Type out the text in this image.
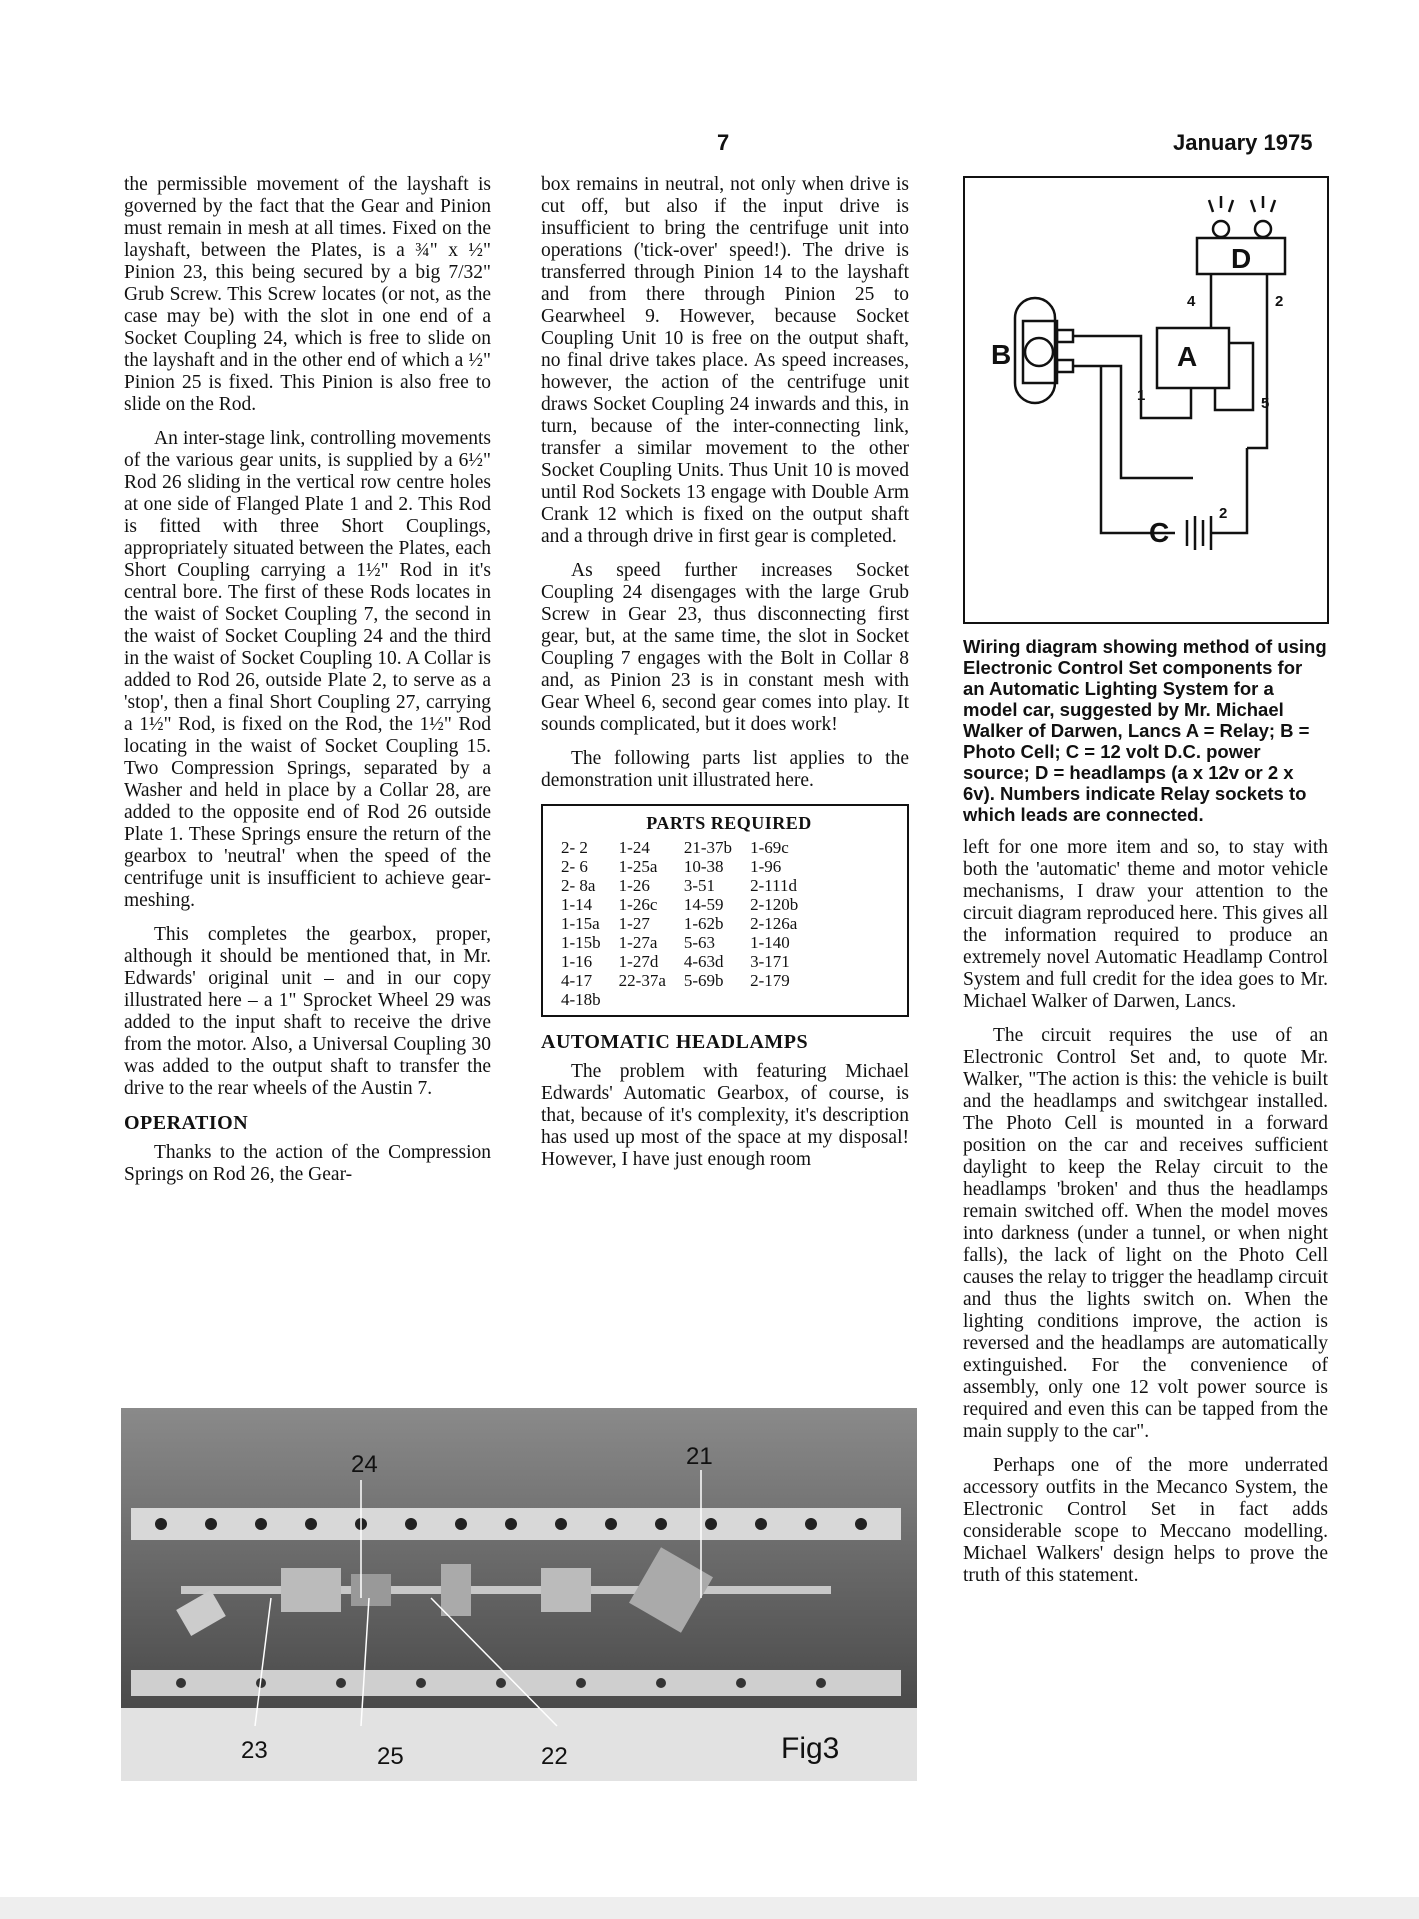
7	January 1975

the permissible movement of the layshaft is governed by the fact that the Gear and Pinion must remain in mesh at all times. Fixed on the layshaft, between the Plates, is a ¾" x ½" Pinion 23, this being secured by a big 7/32" Grub Screw. This Screw locates (or not, as the case may be) with the slot in one end of a Socket Coupling 24, which is free to slide on the layshaft and in the other end of which a ½" Pinion 25 is fixed. This Pinion is also free to slide on the Rod.

An inter-stage link, controlling movements of the various gear units, is supplied by a 6½" Rod 26 sliding in the vertical row centre holes at one side of Flanged Plate 1 and 2. This Rod is fitted with three Short Couplings, appropriately situated between the Plates, each Short Coupling carrying a 1½" Rod in it's central bore. The first of these Rods locates in the waist of Socket Coupling 7, the second in the waist of Socket Coupling 24 and the third in the waist of Socket Coupling 10. A Collar is added to Rod 26, outside Plate 2, to serve as a 'stop', then a final Short Coupling 27, carrying a 1½" Rod, is fixed on the Rod, the 1½" Rod locating in the waist of Socket Coupling 15. Two Compression Springs, separated by a Washer and held in place by a Collar 28, are added to the opposite end of Rod 26 outside Plate 1. These Springs ensure the return of the gearbox to 'neutral' when the speed of the centrifuge unit is insufficient to achieve gear-meshing.

This completes the gearbox, proper, although it should be mentioned that, in Mr. Edwards' original unit – and in our copy illustrated here – a 1" Sprocket Wheel 29 was added to the input shaft to receive the drive from the motor. Also, a Universal Coupling 30 was added to the output shaft to transfer the drive to the rear wheels of the Austin 7.

OPERATION

Thanks to the action of the Compression Springs on Rod 26, the Gear-

box remains in neutral, not only when drive is cut off, but also if the input drive is insufficient to bring the centrifuge unit into operations ('tick-over' speed!). The drive is transferred through Pinion 14 to the layshaft and from there through Pinion 25 to Gearwheel 9. However, because Socket Coupling Unit 10 is free on the output shaft, no final drive takes place. As speed increases, however, the action of the centrifuge unit draws Socket Coupling 24 inwards and this, in turn, because of the inter-connecting link, transfer a similar movement to the other Socket Coupling Units. Thus Unit 10 is moved until Rod Sockets 13 engage with Double Arm Crank 12 which is fixed on the output shaft and a through drive in first gear is completed.

As speed further increases Socket Coupling 24 disengages with the large Grub Screw in Gear 23, thus disconnecting first gear, but, at the same time, the slot in Socket Coupling 7 engages with the Bolt in Collar 8 and, as Pinion 23 is in constant mesh with Gear Wheel 6, second gear comes into play. It sounds complicated, but it does work!

The following parts list applies to the demonstration unit illustrated here.

PARTS REQUIRED
2- 2	1-24	21-37b	1-69c
2- 6	1-25a	10-38	1-96
2- 8a	1-26	3-51	2-111d
1-14	1-26c	14-59	2-120b
1-15a	1-27	1-62b	2-126a
1-15b	1-27a	5-63	1-140
1-16	1-27d	4-63d	3-171
4-17	22-37a	5-69b	2-179
4-18b			
AUTOMATIC HEADLAMPS

The problem with featuring Michael Edwards' Automatic Gearbox, of course, is that, because of it's complexity, it's description has used up most of the space at my disposal! However, I have just enough room

D
A
B
C
4	2
1	5
2

Wiring diagram showing method of using Electronic Control Set components for an Automatic Lighting System for a model car, suggested by Mr. Michael Walker of Darwen, Lancs A = Relay; B = Photo Cell; C = 12 volt D.C. power source; D = headlamps (a x 12v or 2 x 6v). Numbers indicate Relay sockets to which leads are connected.

left for one more item and so, to stay with both the 'automatic' theme and motor vehicle mechanisms, I draw your attention to the circuit diagram reproduced here. This gives all the information required to produce an extremely novel Automatic Headlamp Control System and full credit for the idea goes to Mr. Michael Walker of Darwen, Lancs.

The circuit requires the use of an Electronic Control Set and, to quote Mr. Walker, "The action is this: the vehicle is built and the headlamps and switchgear installed. The Photo Cell is mounted in a forward position on the car and receives sufficient daylight to keep the Relay circuit to the headlamps 'broken' and thus the headlamps remain switched off. When the model moves into darkness (under a tunnel, or when night falls), the lack of light on the Photo Cell causes the relay to trigger the headlamp circuit and thus the lights switch on. When the lighting conditions improve, the action is reversed and the headlamps are automatically extinguished. For the convenience of assembly, only one 12 volt power source is required and even this can be tapped from the main supply to the car".

Perhaps one of the more underrated accessory outfits in the Mecanco System, the Electronic Control Set in fact adds considerable scope to Meccano modelling. Michael Walkers' design helps to prove the truth of this statement.

24	21
23	25	22	Fig3
